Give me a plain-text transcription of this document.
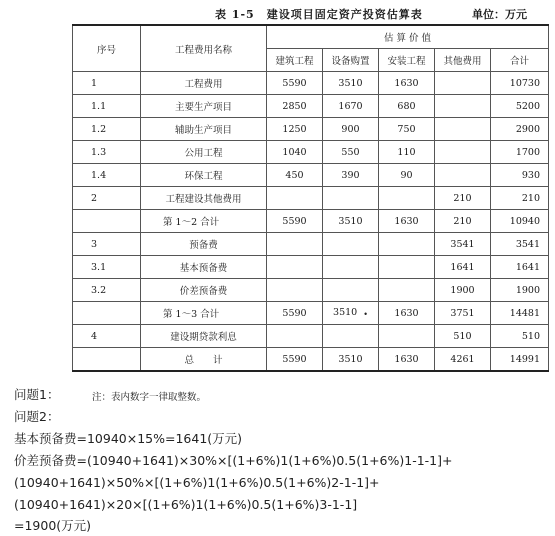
表 1-5　建设项目固定资产投资估算表	单位：万元
序号	工程费用名称	估 算 价 值				
		建筑工程	设备购置	安装工程	其他费用	合计
1	工程费用	5590	3510	1630		10730
1.1	主要生产项目	2850	1670	680		5200
1.2	辅助生产项目	1250	900	750		2900
1.3	公用工程	1040	550	110		1700
1.4	环保工程	450	390	90		930
2	工程建设其他费用				210	210
	第 1～2 合计	5590	3510	1630	210	10940
3	预备费				3541	3541
3.1	基本预备费				1641	1641
3.2	价差预备费				1900	1900
	第 1～3 合计	5590	3510 $_•$	1630	3751	14481
4	建设期贷款利息				510	510
	总　　计	5590	3510	1630	4261	14991
注：表内数字一律取整数。
问题1：
问题2：
基本预备费=10940×15%=1641(万元)
价差预备费=(10940+1641)×30%×[(1+6%)1(1+6%)0.5(1+6%)1-1-1]+
(10940+1641)×50%×[(1+6%)1(1+6%)0.5(1+6%)2-1-1]+
(10940+1641)×20×[(1+6%)1(1+6%)0.5(1+6%)3-1-1]
=1900(万元)
